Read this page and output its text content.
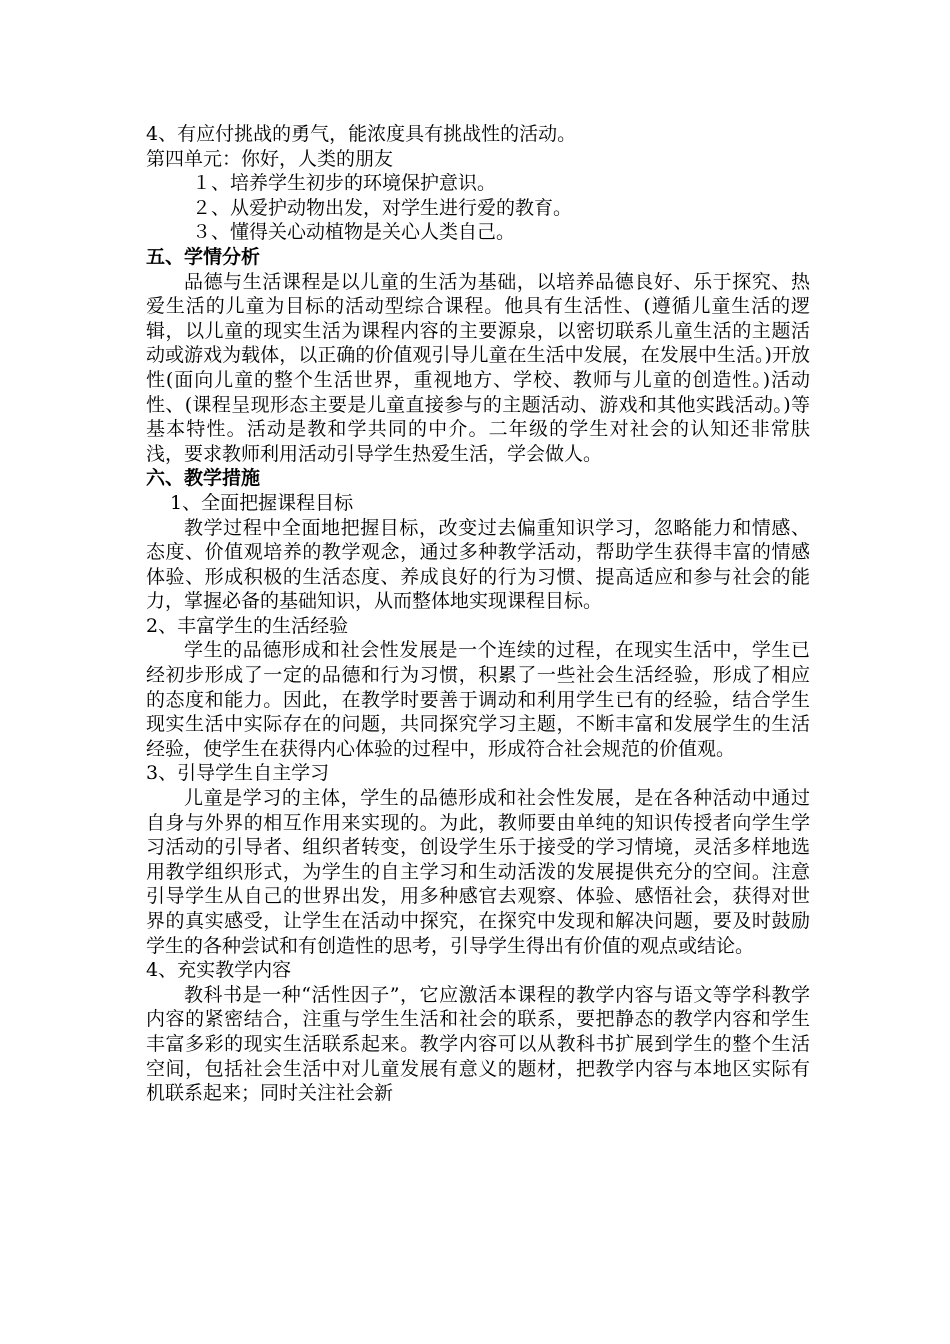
4、有应付挑战的勇气，能浓度具有挑战性的活动。
第四单元：你好，人类的朋友
１、培养学生初步的环境保护意识。
２、从爱护动物出发，对学生进行爱的教育。
３、懂得关心动植物是关心人类自己。
五、学情分析
品德与生活课程是以儿童的生活为基础，以培养品德良好、乐于探究、热爱生活的儿童为目标的活动型综合课程。他具有生活性、(遵循儿童生活的逻辑，以儿童的现实生活为课程内容的主要源泉，以密切联系儿童生活的主题活动或游戏为载体，以正确的价值观引导儿童在生活中发展，在发展中生活。)开放性(面向儿童的整个生活世界，重视地方、学校、教师与儿童的创造性。)活动性、(课程呈现形态主要是儿童直接参与的主题活动、游戏和其他实践活动。)等基本特性。活动是教和学共同的中介。二年级的学生对社会的认知还非常肤浅，要求教师利用活动引导学生热爱生活，学会做人。
六、教学措施
1、全面把握课程目标
教学过程中全面地把握目标，改变过去偏重知识学习，忽略能力和情感、态度、价值观培养的教学观念，通过多种教学活动，帮助学生获得丰富的情感体验、形成积极的生活态度、养成良好的行为习惯、提高适应和参与社会的能力，掌握必备的基础知识，从而整体地实现课程目标。
2、丰富学生的生活经验
学生的品德形成和社会性发展是一个连续的过程，在现实生活中，学生已经初步形成了一定的品德和行为习惯，积累了一些社会生活经验，形成了相应的态度和能力。因此，在教学时要善于调动和利用学生已有的经验，结合学生现实生活中实际存在的问题，共同探究学习主题，不断丰富和发展学生的生活经验，使学生在获得内心体验的过程中，形成符合社会规范的价值观。
3、引导学生自主学习
儿童是学习的主体，学生的品德形成和社会性发展，是在各种活动中通过自身与外界的相互作用来实现的。为此，教师要由单纯的知识传授者向学生学习活动的引导者、组织者转变，创设学生乐于接受的学习情境，灵活多样地选用教学组织形式，为学生的自主学习和生动活泼的发展提供充分的空间。注意引导学生从自己的世界出发，用多种感官去观察、体验、感悟社会，获得对世界的真实感受，让学生在活动中探究，在探究中发现和解决问题，要及时鼓励学生的各种尝试和有创造性的思考，引导学生得出有价值的观点或结论。
4、充实教学内容
教科书是一种“活性因子”，它应激活本课程的教学内容与语文等学科教学内容的紧密结合，注重与学生生活和社会的联系，要把静态的教学内容和学生丰富多彩的现实生活联系起来。教学内容可以从教科书扩展到学生的整个生活空间，包括社会生活中对儿童发展有意义的题材，把教学内容与本地区实际有机联系起来；同时关注社会新
